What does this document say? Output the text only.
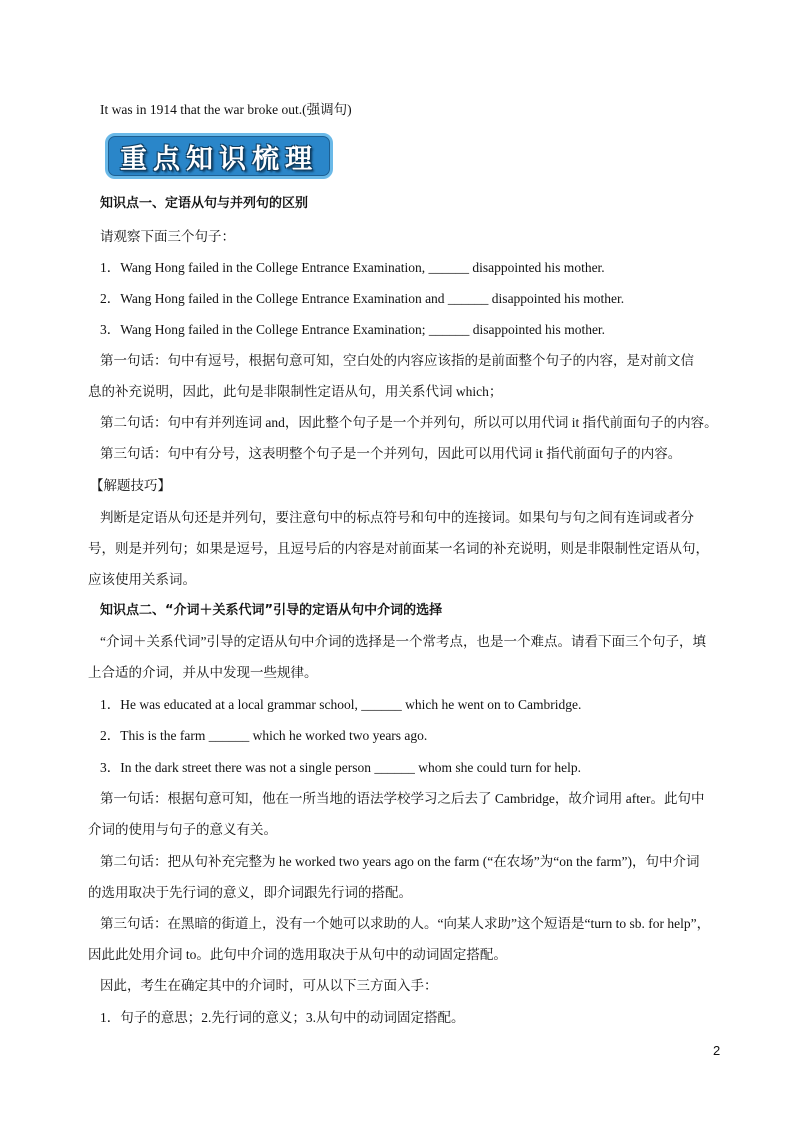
It was in 1914 that the war broke out.(强调句)
重点知识梳理
知识点一、定语从句与并列句的区别
请观察下面三个句子：
1．Wang Hong failed in the College Entrance Examination, ______ disappointed his mother.
2．Wang Hong failed in the College Entrance Examination and ______ disappointed his mother.
3．Wang Hong failed in the College Entrance Examination; ______ disappointed his mother.
第一句话：句中有逗号，根据句意可知，空白处的内容应该指的是前面整个句子的内容，是对前文信
息的补充说明，因此，此句是非限制性定语从句，用关系代词 which；
第二句话：句中有并列连词 and，因此整个句子是一个并列句，所以可以用代词 it 指代前面句子的内容。
第三句话：句中有分号，这表明整个句子是一个并列句，因此可以用代词 it 指代前面句子的内容。
【解题技巧】
判断是定语从句还是并列句，要注意句中的标点符号和句中的连接词。如果句与句之间有连词或者分
号，则是并列句；如果是逗号，且逗号后的内容是对前面某一名词的补充说明，则是非限制性定语从句，
应该使用关系词。
知识点二、“介词＋关系代词”引导的定语从句中介词的选择
“介词＋关系代词”引导的定语从句中介词的选择是一个常考点，也是一个难点。请看下面三个句子，填
上合适的介词，并从中发现一些规律。
1．He was educated at a local grammar school, ______ which he went on to Cambridge.
2．This is the farm ______ which he worked two years ago.
3．In the dark street there was not a single person ______ whom she could turn for help.
第一句话：根据句意可知，他在一所当地的语法学校学习之后去了 Cambridge，故介词用 after。此句中
介词的使用与句子的意义有关。
第二句话：把从句补充完整为 he worked two years ago on the farm (“在农场”为“on the farm”)，句中介词
的选用取决于先行词的意义，即介词跟先行词的搭配。
第三句话：在黑暗的街道上，没有一个她可以求助的人。“向某人求助”这个短语是“turn to sb. for help”，
因此此处用介词 to。此句中介词的选用取决于从句中的动词固定搭配。
因此，考生在确定其中的介词时，可从以下三方面入手：
1．句子的意思；2.先行词的意义；3.从句中的动词固定搭配。
2
